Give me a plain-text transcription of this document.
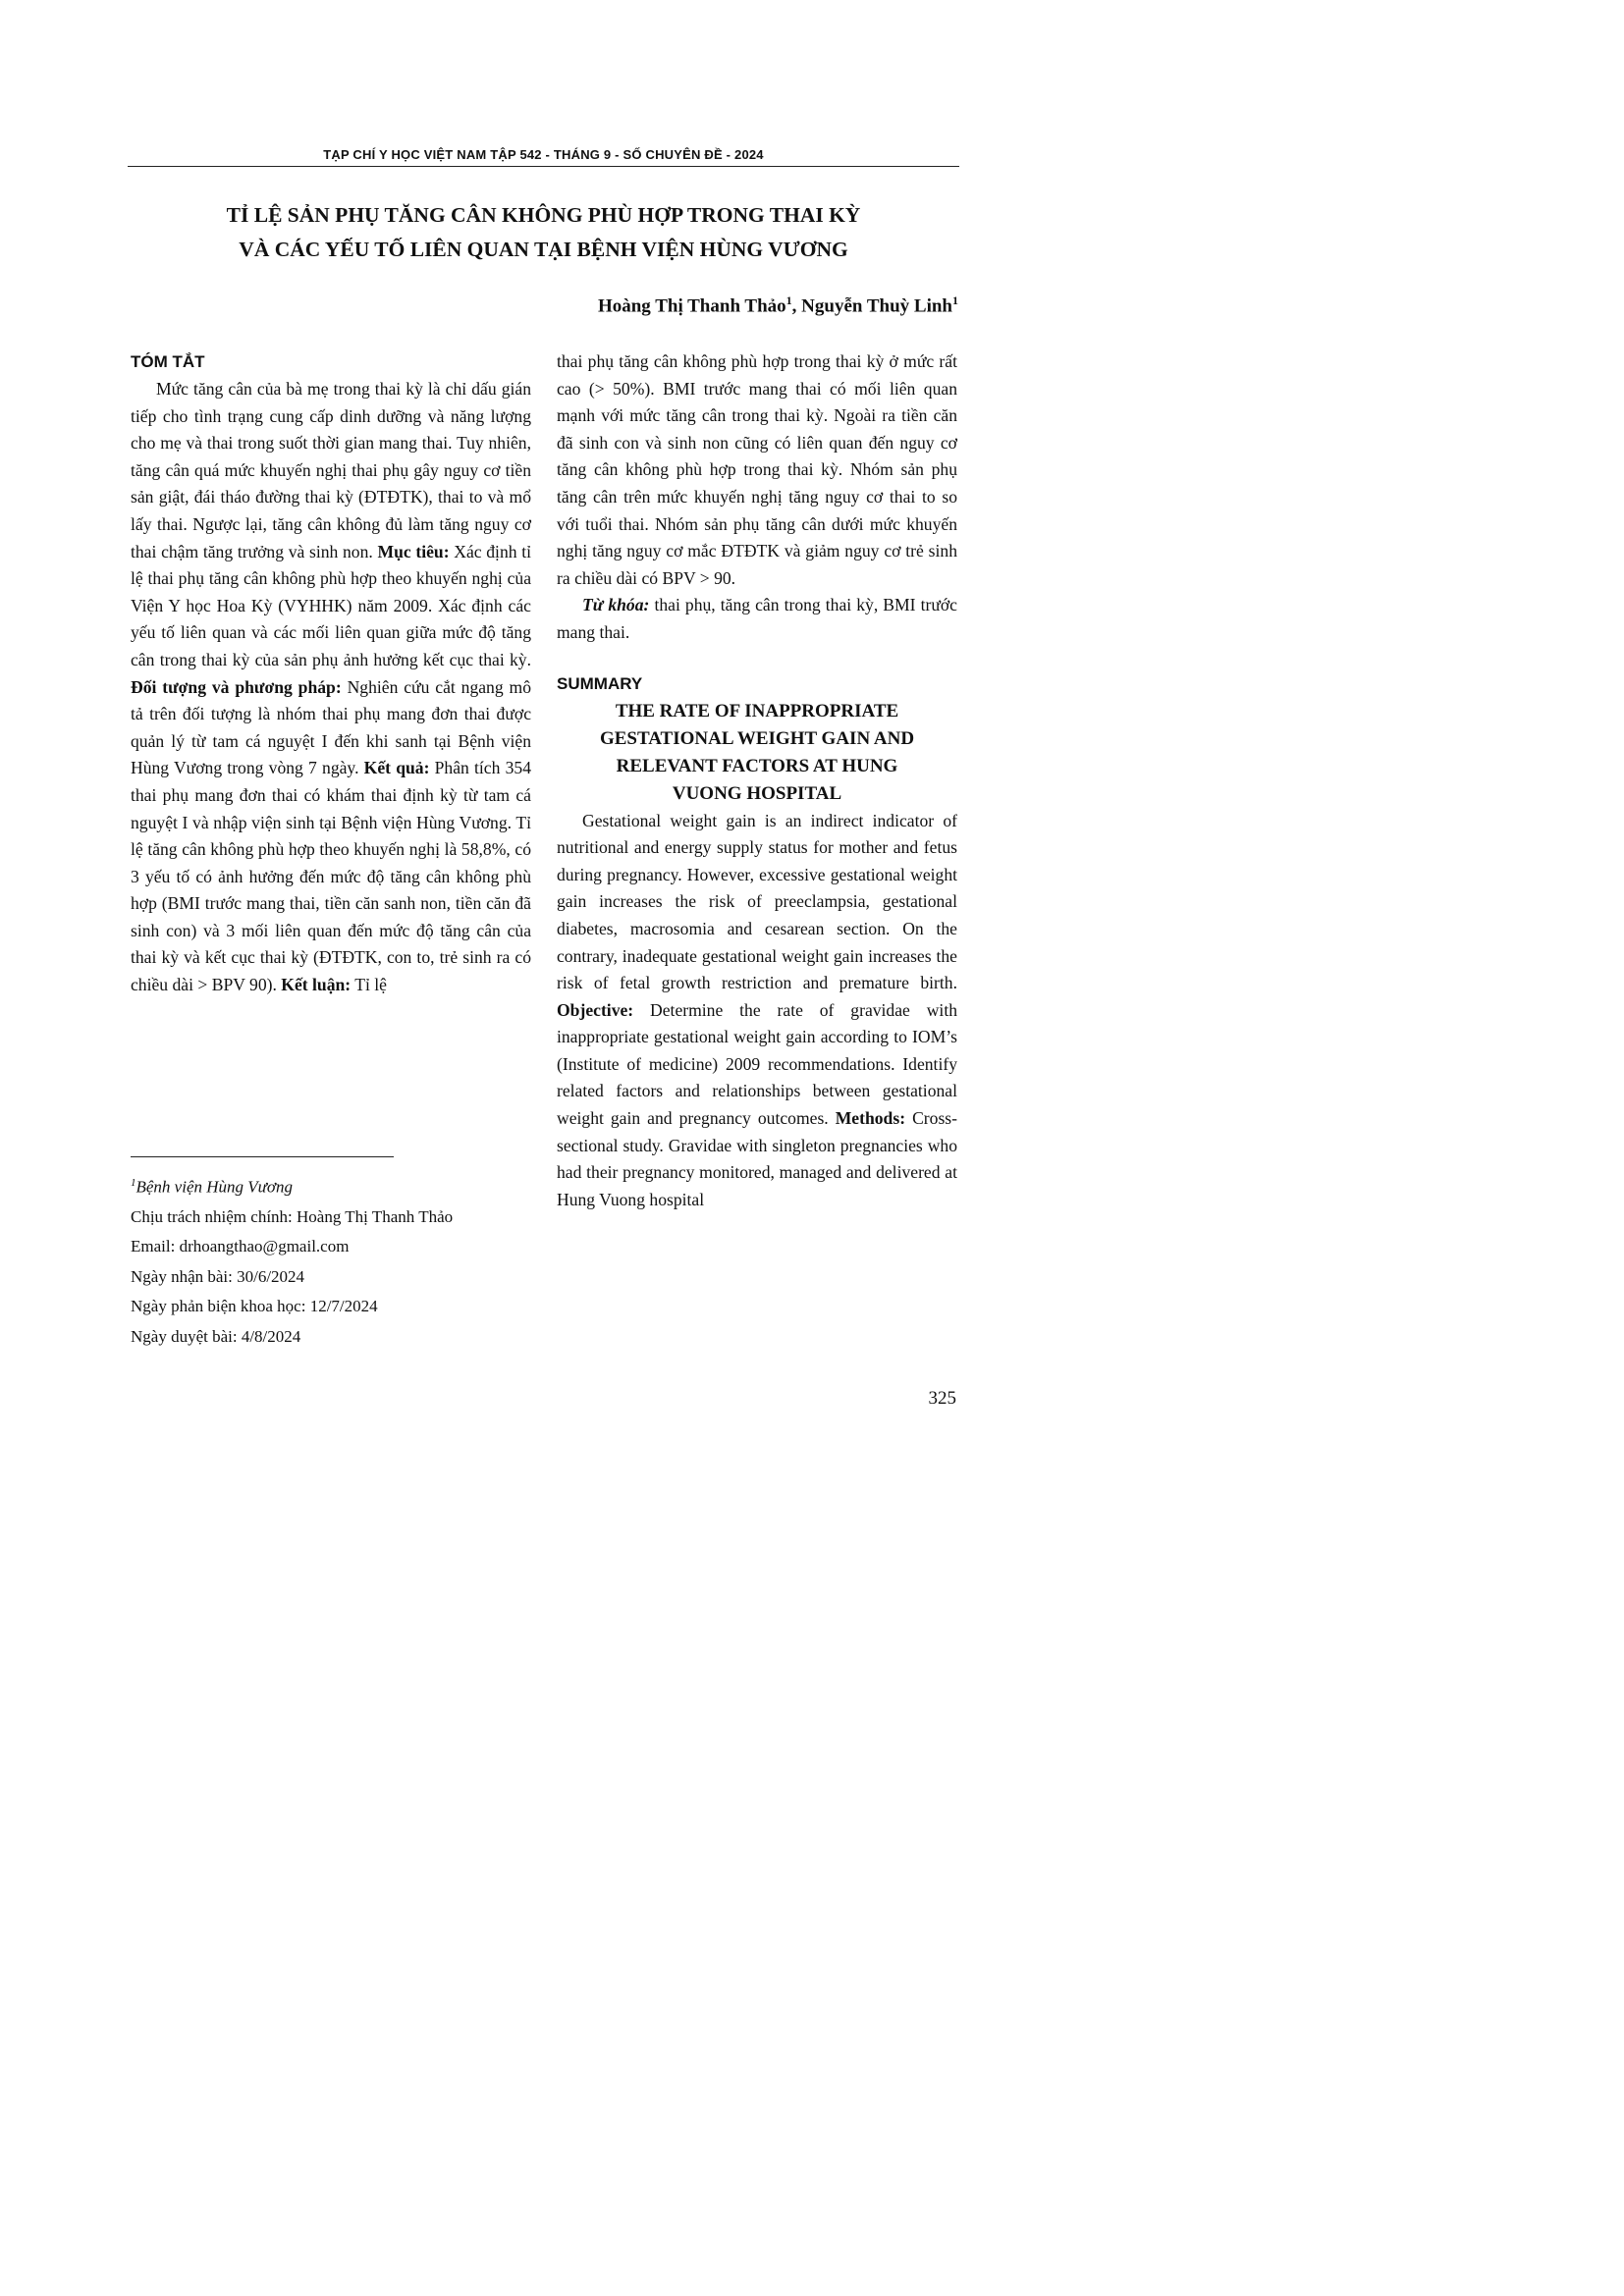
TẠP CHÍ Y HỌC VIỆT NAM TẬP 542 - THÁNG 9 - SỐ CHUYÊN ĐỀ - 2024
TỈ LỆ SẢN PHỤ TĂNG CÂN KHÔNG PHÙ HỢP TRONG THAI KỲ
VÀ CÁC YẾU TỐ LIÊN QUAN TẠI BỆNH VIỆN HÙNG VƯƠNG
Hoàng Thị Thanh Thảo$^1$, Nguyễn Thuỳ Linh$^1$
TÓM TẮT

Mức tăng cân của bà mẹ trong thai kỳ là chỉ dấu gián tiếp cho tình trạng cung cấp dinh dưỡng và năng lượng cho mẹ và thai trong suốt thời gian mang thai. Tuy nhiên, tăng cân quá mức khuyến nghị thai phụ gây nguy cơ tiền sản giật, đái tháo đường thai kỳ (ĐTĐTK), thai to và mổ lấy thai. Ngược lại, tăng cân không đủ làm tăng nguy cơ thai chậm tăng trưởng và sinh non. Mục tiêu: Xác định tỉ lệ thai phụ tăng cân không phù hợp theo khuyến nghị của Viện Y học Hoa Kỳ (VYHHK) năm 2009. Xác định các yếu tố liên quan và các mối liên quan giữa mức độ tăng cân trong thai kỳ của sản phụ ảnh hưởng kết cục thai kỳ. Đối tượng và phương pháp: Nghiên cứu cắt ngang mô tả trên đối tượng là nhóm thai phụ mang đơn thai được quản lý từ tam cá nguyệt I đến khi sanh tại Bệnh viện Hùng Vương trong vòng 7 ngày. Kết quả: Phân tích 354 thai phụ mang đơn thai có khám thai định kỳ từ tam cá nguyệt I và nhập viện sinh tại Bệnh viện Hùng Vương. Tỉ lệ tăng cân không phù hợp theo khuyến nghị là 58,8%, có 3 yếu tố có ảnh hưởng đến mức độ tăng cân không phù hợp (BMI trước mang thai, tiền căn sanh non, tiền căn đã sinh con) và 3 mối liên quan đến mức độ tăng cân của thai kỳ và kết cục thai kỳ (ĐTĐTK, con to, trẻ sinh ra có chiều dài > BPV 90). Kết luận: Tỉ lệ

$^1$Bệnh viện Hùng Vương
Chịu trách nhiệm chính: Hoàng Thị Thanh Thảo
Email: drhoangthao@gmail.com
Ngày nhận bài: 30/6/2024
Ngày phản biện khoa học: 12/7/2024
Ngày duyệt bài: 4/8/2024

thai phụ tăng cân không phù hợp trong thai kỳ ở mức rất cao (> 50%). BMI trước mang thai có mối liên quan mạnh với mức tăng cân trong thai kỳ. Ngoài ra tiền căn đã sinh con và sinh non cũng có liên quan đến nguy cơ tăng cân không phù hợp trong thai kỳ. Nhóm sản phụ tăng cân trên mức khuyến nghị tăng nguy cơ thai to so với tuổi thai. Nhóm sản phụ tăng cân dưới mức khuyến nghị tăng nguy cơ mắc ĐTĐTK và giảm nguy cơ trẻ sinh ra chiều dài có BPV > 90.

Từ khóa: thai phụ, tăng cân trong thai kỳ, BMI trước mang thai.

SUMMARY
THE RATE OF INAPPROPRIATE
GESTATIONAL WEIGHT GAIN AND
RELEVANT FACTORS AT HUNG
VUONG HOSPITAL

Gestational weight gain is an indirect indicator of nutritional and energy supply status for mother and fetus during pregnancy. However, excessive gestational weight gain increases the risk of preeclampsia, gestational diabetes, macrosomia and cesarean section. On the contrary, inadequate gestational weight gain increases the risk of fetal growth restriction and premature birth. Objective: Determine the rate of gravidae with inappropriate gestational weight gain according to IOM’s (Institute of medicine) 2009 recommendations. Identify related factors and relationships between gestational weight gain and pregnancy outcomes. Methods: Cross-sectional study. Gravidae with singleton pregnancies who had their pregnancy monitored, managed and delivered at Hung Vuong hospital

325
